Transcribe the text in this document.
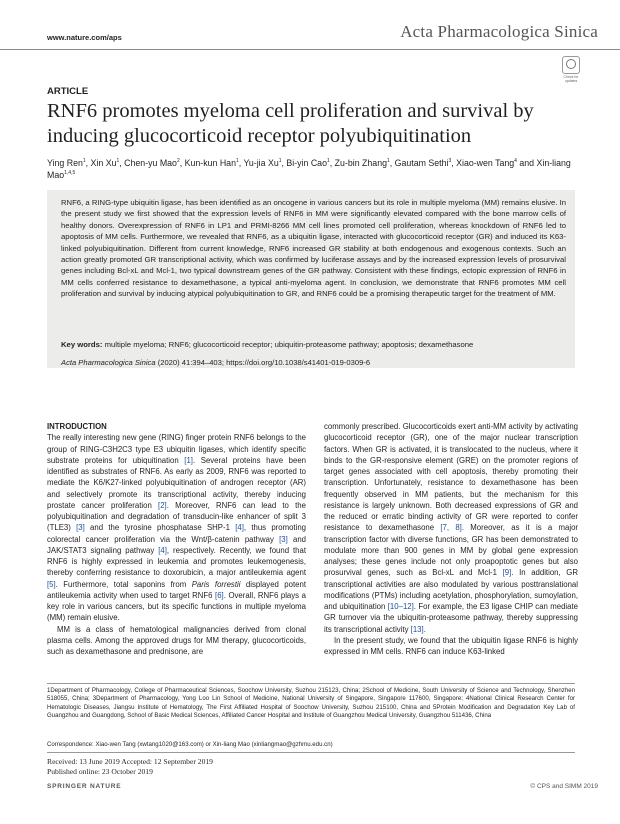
www.nature.com/aps	Acta Pharmacologica Sinica
Check for updates
ARTICLE
RNF6 promotes myeloma cell proliferation and survival by inducing glucocorticoid receptor polyubiquitination
Ying Ren$^1$, Xin Xu$^1$, Chen-yu Mao$^2$, Kun-kun Han$^1$, Yu-jia Xu$^1$, Bi-yin Cao$^1$, Zu-bin Zhang$^1$, Gautam Sethi$^3$, Xiao-wen Tang$^4$ and Xin-liang Mao$^{1,4,5}$
RNF6, a RING-type ubiquitin ligase, has been identified as an oncogene in various cancers but its role in multiple myeloma (MM) remains elusive. In the present study we first showed that the expression levels of RNF6 in MM were significantly elevated compared with the bone marrow cells of healthy donors. Overexpression of RNF6 in LP1 and PRMI-8266 MM cell lines promoted cell proliferation, whereas knockdown of RNF6 led to apoptosis of MM cells. Furthermore, we revealed that RNF6, as a ubiquitin ligase, interacted with glucocorticoid receptor (GR) and induced its K63-linked polyubiquitination. Different from current knowledge, RNF6 increased GR stability at both endogenous and exogenous contexts. Such an action greatly promoted GR transcriptional activity, which was confirmed by luciferase assays and by the increased expression levels of prosurvival genes including Bcl-xL and Mcl-1, two typical downstream genes of the GR pathway. Consistent with these findings, ectopic expression of RNF6 in MM cells conferred resistance to dexamethasone, a typical anti-myeloma agent. In conclusion, we demonstrate that RNF6 promotes MM cell proliferation and survival by inducing atypical polyubiquitination to GR, and RNF6 could be a promising therapeutic target for the treatment of MM.
Key words: multiple myeloma; RNF6; glucocorticoid receptor; ubiquitin-proteasome pathway; apoptosis; dexamethasone
Acta Pharmacologica Sinica (2020) 41:394–403; https://doi.org/10.1038/s41401-019-0309-6
INTRODUCTION

The really interesting new gene (RING) finger protein RNF6 belongs to the group of RING-C3H2C3 type E3 ubiquitin ligases, which identify specific substrate proteins for ubiquitination [1]. Several proteins have been identified as substrates of RNF6. As early as 2009, RNF6 was reported to mediate the K6/K27-linked polyubiquitination of androgen receptor (AR) and selectively promote its transcriptional activity, thereby inducing prostate cancer proliferation [2]. Moreover, RNF6 can lead to the polyubiquitination and degradation of transducin-like enhancer of split 3 (TLE3) [3] and the tyrosine phosphatase SHP-1 [4], thus promoting colorectal cancer proliferation via the Wnt/β-catenin pathway [3] and JAK/STAT3 signaling pathway [4], respectively. Recently, we found that RNF6 is highly expressed in leukemia and promotes leukemogenesis, thereby conferring resistance to doxorubicin, a major antileukemia agent [5]. Furthermore, total saponins from Paris forrestii displayed potent antileukemia activity when used to target RNF6 [6]. Overall, RNF6 plays a key role in various cancers, but its specific functions in multiple myeloma (MM) remain elusive.

MM is a class of hematological malignancies derived from clonal plasma cells. Among the approved drugs for MM therapy, glucocorticoids, such as dexamethasone and prednisone, are

commonly prescribed. Glucocorticoids exert anti-MM activity by activating glucocorticoid receptor (GR), one of the major nuclear transcription factors. When GR is activated, it is translocated to the nucleus, where it binds to the GR-responsive element (GRE) on the promoter regions of target genes associated with cell apoptosis, thereby promoting their transcription. Unfortunately, resistance to dexamethasone has been frequently observed in MM patients, but the mechanism for this resistance is largely unknown. Both decreased expressions of GR and the reduced or erratic binding activity of GR were reported to confer resistance to dexamethasone [7, 8]. Moreover, as it is a major transcription factor with diverse functions, GR has been demonstrated to modulate more than 900 genes in MM by global gene expression analyses; these genes include not only proapoptotic genes but also prosurvival genes, such as Bcl-xL and Mcl-1 [9]. In addition, GR transcriptional activities are also modulated by various posttranslational modifications (PTMs) including acetylation, phosphorylation, sumoylation, and ubiquitination [10–12]. For example, the E3 ligase CHIP can mediate GR turnover via the ubiquitin-proteasome pathway, thereby suppressing its transcriptional activity [13].

In the present study, we found that the ubiquitin ligase RNF6 is highly expressed in MM cells. RNF6 can induce K63-linked

1Department of Pharmacology, College of Pharmaceutical Sciences, Soochow University, Suzhou 215123, China; 2School of Medicine, South University of Science and Technology, Shenzhen 518055, China; 3Department of Pharmacology, Yong Loo Lin School of Medicine, National University of Singapore, Singapore 117600, Singapore; 4National Clinical Research Center for Hematologic Diseases, Jiangsu Institute of Hematology, The First Affiliated Hospital of Soochow University, Suzhou 215100, China and 5Protein Modification and Degradation Key Lab of Guangzhou and Guangdong, School of Basic Medical Sciences, Affiliated Cancer Hospital and Institute of Guangzhou Medical University, Guangzhou 511436, China
Correspondence: Xiao-wen Tang (xwtang1020@163.com) or Xin-liang Mao (xinliangmao@gzhmu.edu.cn)
Received: 13 June 2019 Accepted: 12 September 2019
Published online: 23 October 2019
SPRINGER NATURE	© CPS and SIMM 2019
